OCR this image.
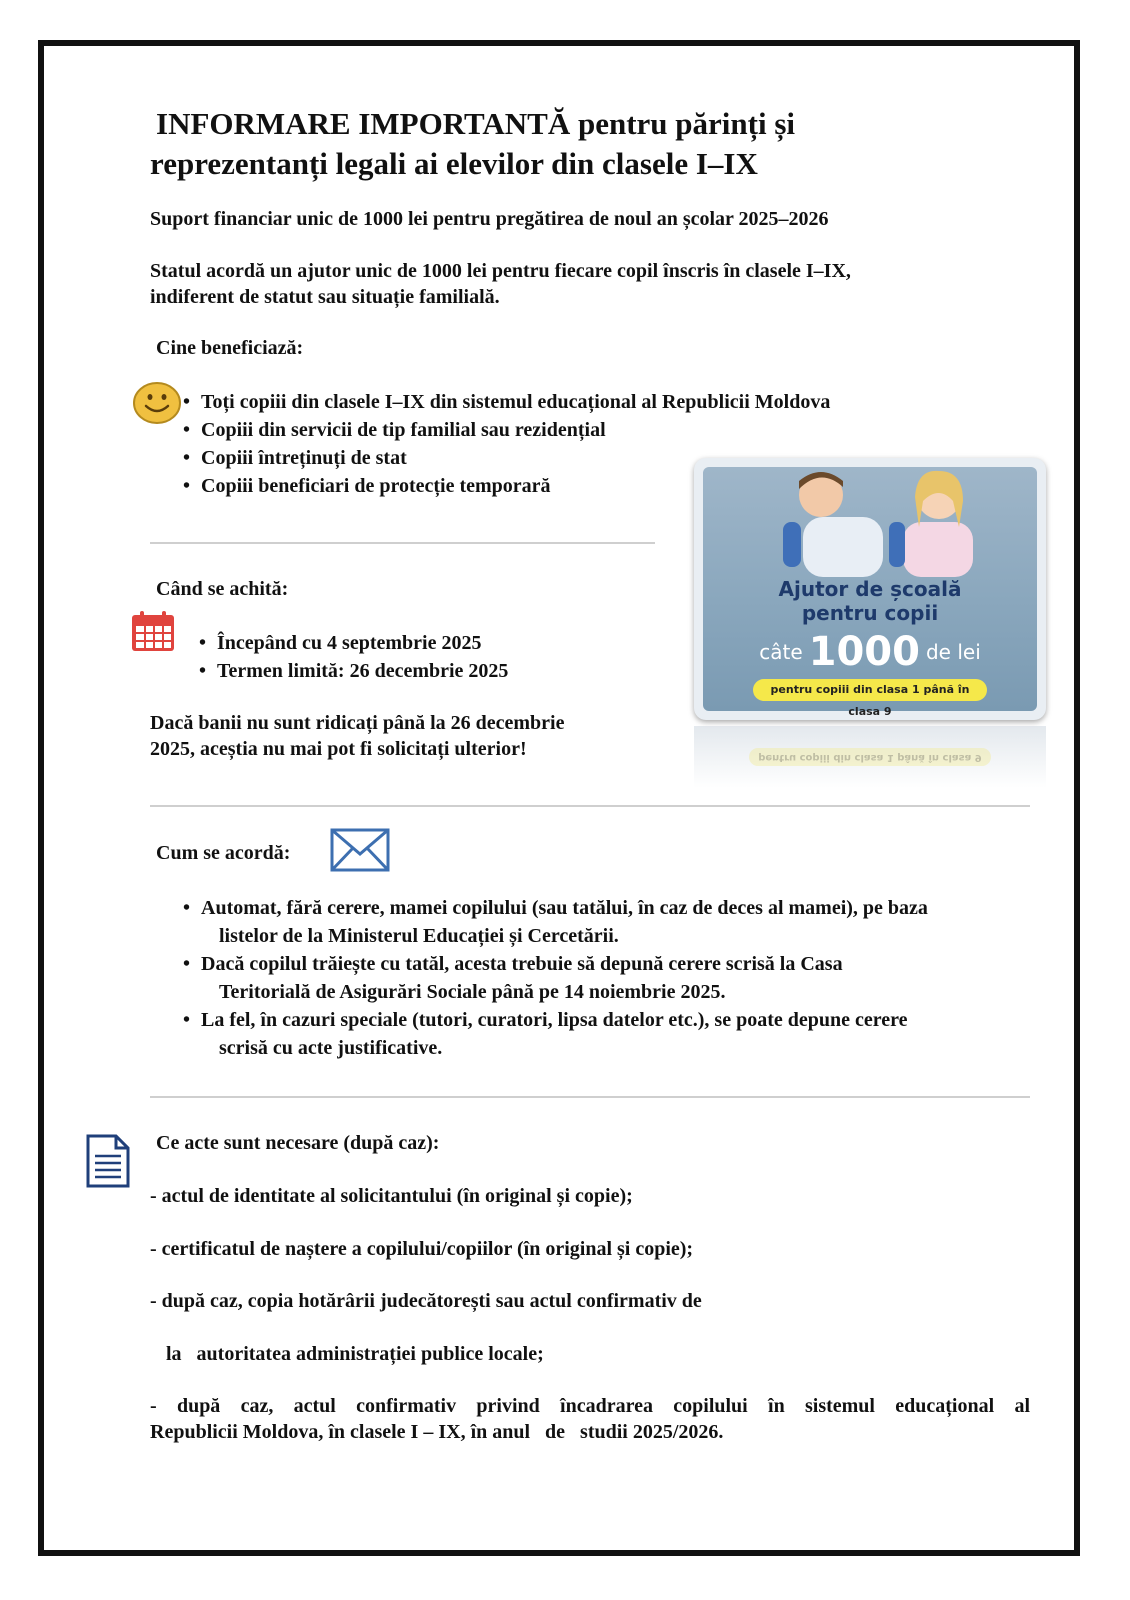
INFORMARE IMPORTANTĂ pentru părinți și
reprezentanți legali ai elevilor din clasele I–IX

Suport financiar unic de 1000 lei pentru pregătirea de noul an școlar 2025–2026

Statul acordă un ajutor unic de 1000 lei pentru fiecare copil înscris în clasele I–IX,

indiferent de statut sau situație familială.

Cine beneficiază:
• Toți copiii din clasele I–IX din sistemul educațional al Republicii Moldova
• Copiii din servicii de tip familial sau rezidențial
• Copiii întreținuți de stat
• Copiii beneficiari de protecție temporară
Ajutor de școală
pentru copii
câte 1000 de lei
pentru copiii din clasa 1 până în clasa 9
pentru copiii din clasa 1 până în clasa 9
Când se achită:
• Începând cu 4 septembrie 2025
• Termen limită: 26 decembrie 2025

Dacă banii nu sunt ridicați până la 26 decembrie

2025, aceștia nu mai pot fi solicitați ulterior!

Cum se acordă:
• Automat, fără cerere, mamei copilului (sau tatălui, în caz de deces al mamei), pe baza
listelor de la Ministerul Educației și Cercetării.
• Dacă copilul trăiește cu tatăl, acesta trebuie să depună cerere scrisă la Casa
Teritorială de Asigurări Sociale până pe 14 noiembrie 2025.
• La fel, în cazuri speciale (tutori, curatori, lipsa datelor etc.), se poate depune cerere
scrisă cu acte justificative.
Ce acte sunt necesare (după caz):

- actul de identitate al solicitantului (în original și copie);

- certificatul de naștere a copilului/copiilor (în original și copie);

- după caz, copia hotărârii judecătorești sau actul confirmativ de

la   autoritatea administrației publice locale;

- după caz, actul confirmativ privind încadrarea copilului în sistemul educațional al

Republicii Moldova, în clasele I – IX, în anul   de   studii 2025/2026.
